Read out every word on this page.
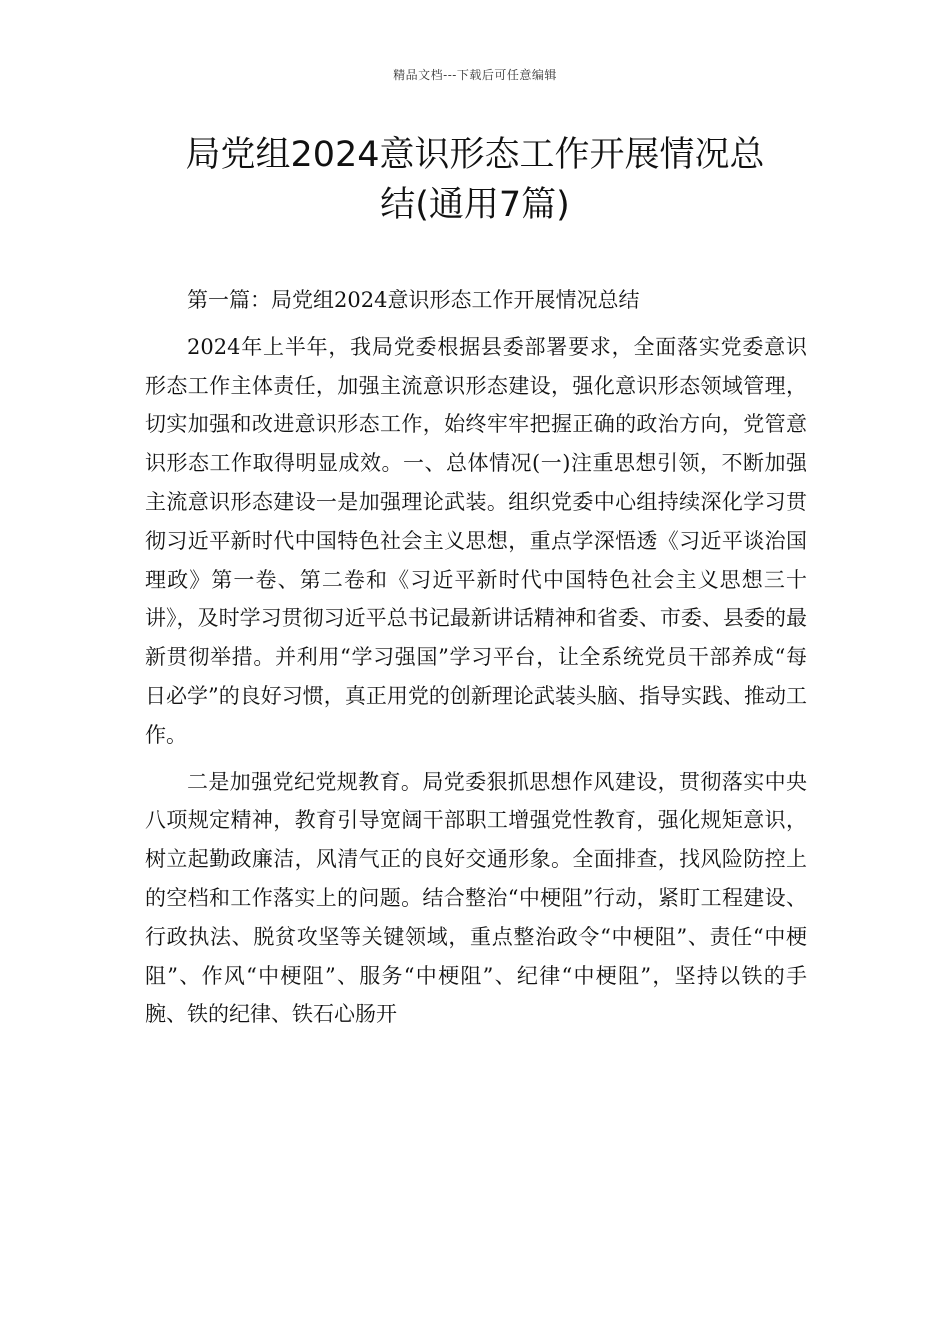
精品文档---下载后可任意编辑
局党组2024意识形态工作开展情况总
结(通用7篇)

第一篇：局党组2024意识形态工作开展情况总结

2024年上半年，我局党委根据县委部署要求，全面落实党委意识形态工作主体责任，加强主流意识形态建设，强化意识形态领域管理，切实加强和改进意识形态工作，始终牢牢把握正确的政治方向，党管意识形态工作取得明显成效。一、总体情况(一)注重思想引领，不断加强主流意识形态建设一是加强理论武装。组织党委中心组持续深化学习贯彻习近平新时代中国特色社会主义思想，重点学深悟透《习近平谈治国理政》第一卷、第二卷和《习近平新时代中国特色社会主义思想三十讲》，及时学习贯彻习近平总书记最新讲话精神和省委、市委、县委的最新贯彻举措。并利用“学习强国”学习平台，让全系统党员干部养成“每日必学”的良好习惯，真正用党的创新理论武装头脑、指导实践、推动工作。

二是加强党纪党规教育。局党委狠抓思想作风建设，贯彻落实中央八项规定精神，教育引导宽阔干部职工增强党性教育，强化规矩意识，树立起勤政廉洁，风清气正的良好交通形象。全面排查，找风险防控上的空档和工作落实上的问题。结合整治“中梗阻”行动，紧盯工程建设、行政执法、脱贫攻坚等关键领域，重点整治政令“中梗阻”、责任“中梗阻”、作风“中梗阻”、服务“中梗阻”、纪律“中梗阻”，坚持以铁的手腕、铁的纪律、铁石心肠开
